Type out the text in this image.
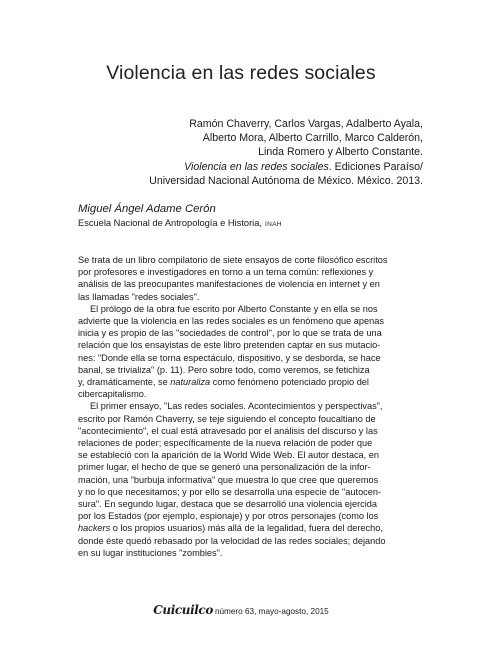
Violencia en las redes sociales
Ramón Chaverry, Carlos Vargas, Adalberto Ayala,
Alberto Mora, Alberto Carrillo, Marco Calderón,
Linda Romero y Alberto Constante.
Violencia en las redes sociales. Ediciones Paraíso/
Universidad Nacional Autónoma de México. México. 2013.
Miguel Ángel Adame Cerón
Escuela Nacional de Antropología e Historia, INAH

Se trata de un libro compilatorio de siete ensayos de corte filosófico escritos
por profesores e investigadores en torno a un tema común: reflexiones y
análisis de las preocupantes manifestaciones de violencia en internet y en
las llamadas "redes sociales".

El prólogo de la obra fue escrito por Alberto Constante y en ella se nos
advierte que la violencia en las redes sociales es un fenómeno que apenas
inicia y es propio de las "sociedades de control", por lo que se trata de una
relación que los ensayistas de este libro pretenden captar en sus mutacio-
nes: "Donde ella se torna espectáculo, dispositivo, y se desborda, se hace
banal, se trivializa" (p. 11). Pero sobre todo, como veremos, se fetichiza
y, dramáticamente, se naturaliza como fenómeno potenciado propio del
cibercapitalismo.

El primer ensayo, "Las redes sociales. Acontecimientos y perspectivas",
escrito por Ramón Chaverry, se teje siguiendo el concepto foucaltiano de
"acontecimiento", el cual está atravesado por el análisis del discurso y las
relaciones de poder; específicamente de la nueva relación de poder que
se estableció con la aparición de la World Wide Web. El autor destaca, en
primer lugar, el hecho de que se generó una personalización de la infor-
mación, una "burbuja informativa" que muestra lo que cree que queremos
y no lo que necesitamos; y por ello se desarrolla una especie de "autocen-
sura". En segundo lugar, destaca que se desarrolló una violencia ejercida
por los Estados (por ejemplo, espionaje) y por otros personajes (como los
hackers o los propios usuarios) más allá de la legalidad, fuera del derecho,
donde éste quedó rebasado por la velocidad de las redes sociales; dejando
en su lugar instituciones "zombies".

Cuicuilco número 63, mayo-agosto, 2015
